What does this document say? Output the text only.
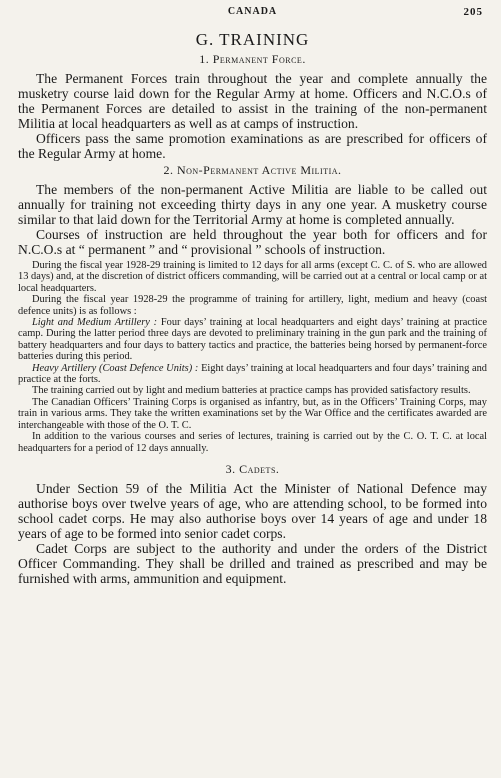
CANADA	205
G. TRAINING
1. Permanent Force.

The Permanent Forces train throughout the year and complete annually the musketry course laid down for the Regular Army at home. Officers and N.C.O.s of the Permanent Forces are detailed to assist in the training of the non-permanent Militia at local headquarters as well as at camps of instruction.

Officers pass the same promotion examinations as are prescribed for officers of the Regular Army at home.

2. Non-Permanent Active Militia.

The members of the non-permanent Active Militia are liable to be called out annually for training not exceeding thirty days in any one year. A musketry course similar to that laid down for the Territorial Army at home is completed annually.

Courses of instruction are held throughout the year both for officers and for N.C.O.s at “ permanent ” and “ provisional ” schools of instruction.

During the fiscal year 1928-29 training is limited to 12 days for all arms (except C. C. of S. who are allowed 13 days) and, at the discretion of district officers commanding, will be carried out at a central or local camp or at local headquarters.

During the fiscal year 1928-29 the programme of training for artillery, light, medium and heavy (coast defence units) is as follows :

Light and Medium Artillery : Four days’ training at local headquarters and eight days’ training at practice camp. During the latter period three days are devoted to preliminary training in the gun park and the training of battery headquarters and four days to battery tactics and practice, the batteries being horsed by permanent-force batteries during this period.

Heavy Artillery (Coast Defence Units) : Eight days’ training at local headquarters and four days’ training and practice at the forts.

The training carried out by light and medium batteries at practice camps has provided satisfactory results.

The Canadian Officers’ Training Corps is organised as infantry, but, as in the Officers’ Training Corps, may train in various arms. They take the written examinations set by the War Office and the certificates awarded are interchangeable with those of the O. T. C.

In addition to the various courses and series of lectures, training is carried out by the C. O. T. C. at local headquarters for a period of 12 days annually.

3. Cadets.

Under Section 59 of the Militia Act the Minister of National Defence may authorise boys over twelve years of age, who are attending school, to be formed into school cadet corps. He may also authorise boys over 14 years of age and under 18 years of age to be formed into senior cadet corps.

Cadet Corps are subject to the authority and under the orders of the District Officer Commanding. They shall be drilled and trained as prescribed and may be furnished with arms, ammunition and equipment.
